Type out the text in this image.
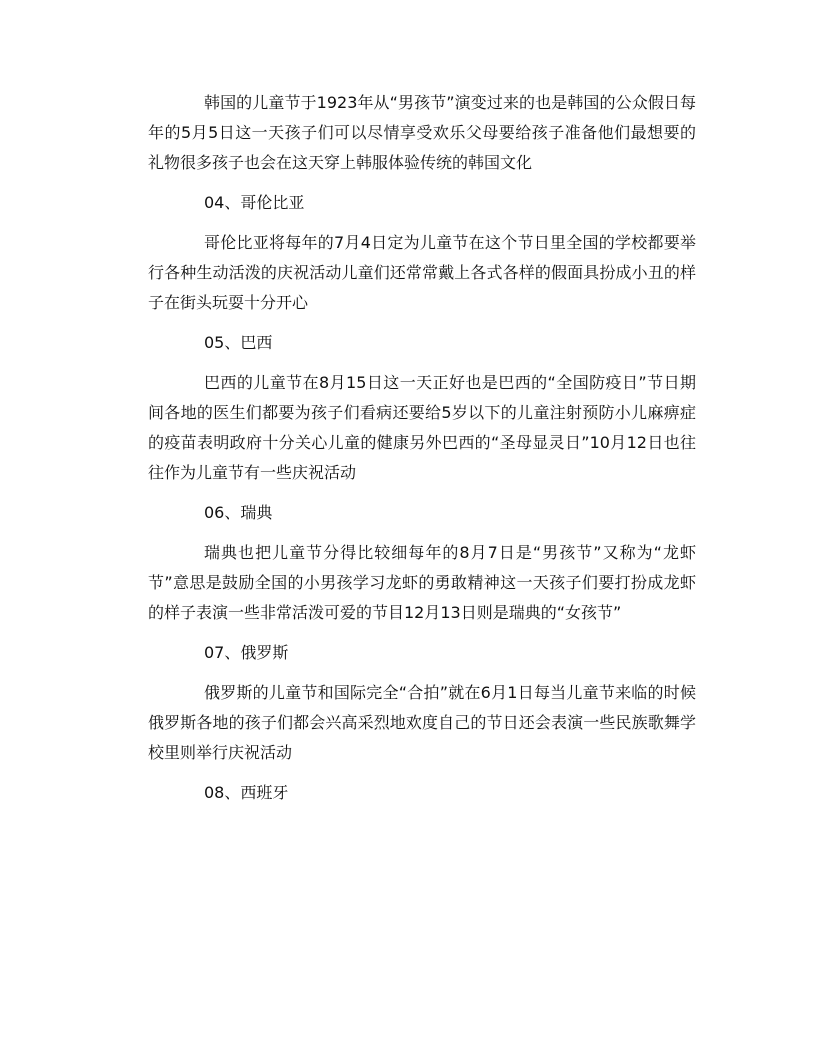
韩国的儿童节于1923年从“男孩节”演变过来的也是韩国的公众假日每年的5月5日这一天孩子们可以尽情享受欢乐父母要给孩子准备他们最想要的礼物很多孩子也会在这天穿上韩服体验传统的韩国文化

04、哥伦比亚

哥伦比亚将每年的7月4日定为儿童节在这个节日里全国的学校都要举行各种生动活泼的庆祝活动儿童们还常常戴上各式各样的假面具扮成小丑的样子在街头玩耍十分开心

05、巴西

巴西的儿童节在8月15日这一天正好也是巴西的“全国防疫日”节日期间各地的医生们都要为孩子们看病还要给5岁以下的儿童注射预防小儿麻痹症的疫苗表明政府十分关心儿童的健康另外巴西的“圣母显灵日”10月12日也往往作为儿童节有一些庆祝活动

06、瑞典

瑞典也把儿童节分得比较细每年的8月7日是“男孩节”又称为“龙虾节”意思是鼓励全国的小男孩学习龙虾的勇敢精神这一天孩子们要打扮成龙虾的样子表演一些非常活泼可爱的节目12月13日则是瑞典的“女孩节”

07、俄罗斯

俄罗斯的儿童节和国际完全“合拍”就在6月1日每当儿童节来临的时候俄罗斯各地的孩子们都会兴高采烈地欢度自己的节日还会表演一些民族歌舞学校里则举行庆祝活动

08、西班牙
